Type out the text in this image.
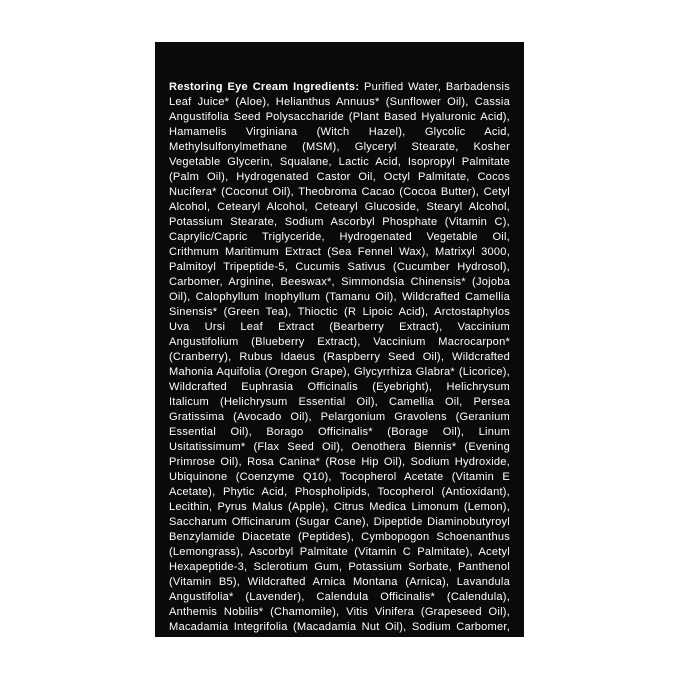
Restoring Eye Cream Ingredients: Purified Water, Barbadensis Leaf Juice* (Aloe), Helianthus Annuus* (Sunflower Oil), Cassia Angustifolia Seed Polysaccharide (Plant Based Hyaluronic Acid), Hamamelis Virginiana (Witch Hazel), Glycolic Acid, Methylsulfonylmethane (MSM), Glyceryl Stearate, Kosher Vegetable Glycerin, Squalane, Lactic Acid, Isopropyl Palmitate (Palm Oil), Hydrogenated Castor Oil, Octyl Palmitate, Cocos Nucifera* (Coconut Oil), Theobroma Cacao (Cocoa Butter), Cetyl Alcohol, Cetearyl Alcohol, Cetearyl Glucoside, Stearyl Alcohol, Potassium Stearate, Sodium Ascorbyl Phosphate (Vitamin C), Caprylic/Capric Triglyceride, Hydrogenated Vegetable Oil, Crithmum Maritimum Extract (Sea Fennel Wax), Matrixyl 3000, Palmitoyl Tripeptide-5, Cucumis Sativus (Cucumber Hydrosol), Carbomer, Arginine, Beeswax*, Simmondsia Chinensis* (Jojoba Oil), Calophyllum Inophyllum (Tamanu Oil), Wildcrafted Camellia Sinensis* (Green Tea), Thioctic (R Lipoic Acid), Arctostaphylos Uva Ursi Leaf Extract (Bearberry Extract), Vaccinium Angustifolium (Blueberry Extract), Vaccinium Macrocarpon* (Cranberry), Rubus Idaeus (Raspberry Seed Oil), Wildcrafted Mahonia Aquifolia (Oregon Grape), Glycyrrhiza Glabra* (Licorice), Wildcrafted Euphrasia Officinalis (Eyebright), Helichrysum Italicum (Helichrysum Essential Oil), Camellia Oil, Persea Gratissima (Avocado Oil), Pelargonium Gravolens (Geranium Essential Oil), Borago Officinalis* (Borage Oil), Linum Usitatissimum* (Flax Seed Oil), Oenothera Biennis* (Evening Primrose Oil), Rosa Canina* (Rose Hip Oil), Sodium Hydroxide, Ubiquinone (Coenzyme Q10), Tocopherol Acetate (Vitamin E Acetate), Phytic Acid, Phospholipids, Tocopherol (Antioxidant), Lecithin, Pyrus Malus (Apple), Citrus Medica Limonum (Lemon), Saccharum Officinarum (Sugar Cane), Dipeptide Diaminobutyroyl Benzylamide Diacetate (Peptides), Cymbopogon Schoenanthus (Lemongrass), Ascorbyl Palmitate (Vitamin C Palmitate), Acetyl Hexapeptide-3, Sclerotium Gum, Potassium Sorbate, Panthenol (Vitamin B5), Wildcrafted Arnica Montana (Arnica), Lavandula Angustifolia* (Lavender), Calendula Officinalis* (Calendula), Anthemis Nobilis* (Chamomile), Vitis Vinifera (Grapeseed Oil), Macadamia Integrifolia (Macadamia Nut Oil), Sodium Carbomer, Xanthan Gum, Phenoxyethanol, Ethyl Hexyl Glycerin, Benzyl Alcohol.

*Certified Organic/Certifié BIO
